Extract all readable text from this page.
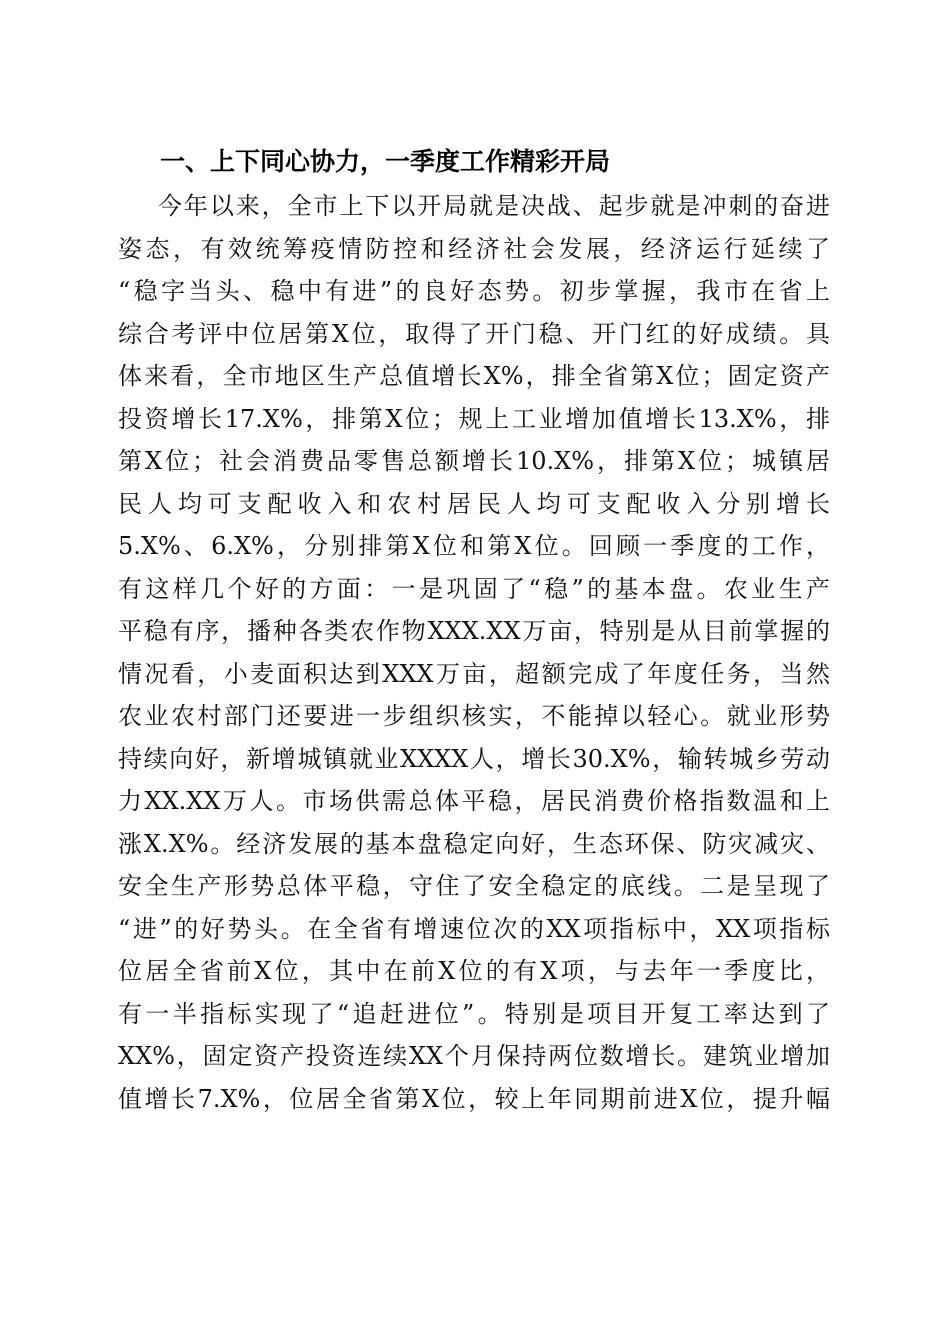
一、上下同心协力，一季度工作精彩开局
今年以来，全市上下以开局就是决战、起步就是冲刺的奋进
姿态，有效统筹疫情防控和经济社会发展，经济运行延续了
“稳字当头、稳中有进”的良好态势。初步掌握，我市在省上
综合考评中位居第X位，取得了开门稳、开门红的好成绩。具
体来看，全市地区生产总值增长X%，排全省第X位；固定资产
投资增长17.X%，排第X位；规上工业增加值增长13.X%，排
第X位；社会消费品零售总额增长10.X%，排第X位；城镇居
民人均可支配收入和农村居民人均可支配收入分别增长
5.X%、6.X%，分别排第X位和第X位。回顾一季度的工作，
有这样几个好的方面：一是巩固了“稳”的基本盘。农业生产
平稳有序，播种各类农作物XXX.XX万亩，特别是从目前掌握的
情况看，小麦面积达到XXX万亩，超额完成了年度任务，当然
农业农村部门还要进一步组织核实，不能掉以轻心。就业形势
持续向好，新增城镇就业XXXX人，增长30.X%，输转城乡劳动
力XX.XX万人。市场供需总体平稳，居民消费价格指数温和上
涨X.X%。经济发展的基本盘稳定向好，生态环保、防灾减灾、
安全生产形势总体平稳，守住了安全稳定的底线。二是呈现了
“进”的好势头。在全省有增速位次的XX项指标中，XX项指标
位居全省前X位，其中在前X位的有X项，与去年一季度比，
有一半指标实现了“追赶进位”。特别是项目开复工率达到了
XX%，固定资产投资连续XX个月保持两位数增长。建筑业增加
值增长7.X%，位居全省第X位，较上年同期前进X位，提升幅
